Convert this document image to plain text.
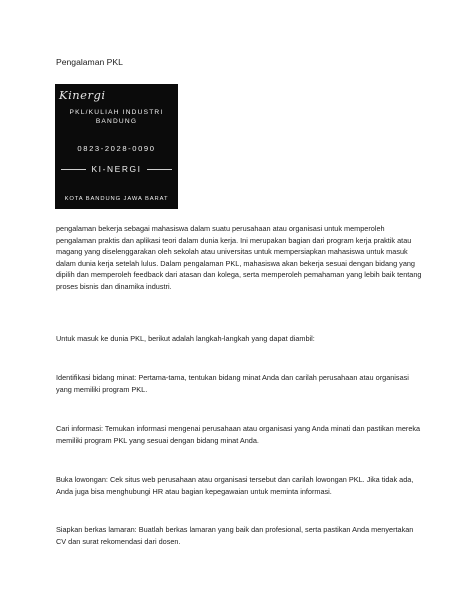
Pengalaman PKL
Kinergi
PKL/KULIAH INDUSTRI
BANDUNG
0823-2028-0090
KI-NERGI
KOTA BANDUNG JAWA BARAT

pengalaman bekerja sebagai mahasiswa dalam suatu perusahaan atau organisasi untuk memperoleh pengalaman praktis dan aplikasi teori dalam dunia kerja. Ini merupakan bagian dari program kerja praktik atau magang yang diselenggarakan oleh sekolah atau universitas untuk mempersiapkan mahasiswa untuk masuk dalam dunia kerja setelah lulus. Dalam pengalaman PKL, mahasiswa akan bekerja sesuai dengan bidang yang dipilih dan memperoleh feedback dari atasan dan kolega, serta memperoleh pemahaman yang lebih baik tentang proses bisnis dan dinamika industri.

Untuk masuk ke dunia PKL, berikut adalah langkah-langkah yang dapat diambil:

Identifikasi bidang minat: Pertama-tama, tentukan bidang minat Anda dan carilah perusahaan atau organisasi yang memiliki program PKL.

Cari informasi: Temukan informasi mengenai perusahaan atau organisasi yang Anda minati dan pastikan mereka memiliki program PKL yang sesuai dengan bidang minat Anda.

Buka lowongan: Cek situs web perusahaan atau organisasi tersebut dan carilah lowongan PKL. Jika tidak ada, Anda juga bisa menghubungi HR atau bagian kepegawaian untuk meminta informasi.

Siapkan berkas lamaran: Buatlah berkas lamaran yang baik dan profesional, serta pastikan Anda menyertakan CV dan surat rekomendasi dari dosen.
